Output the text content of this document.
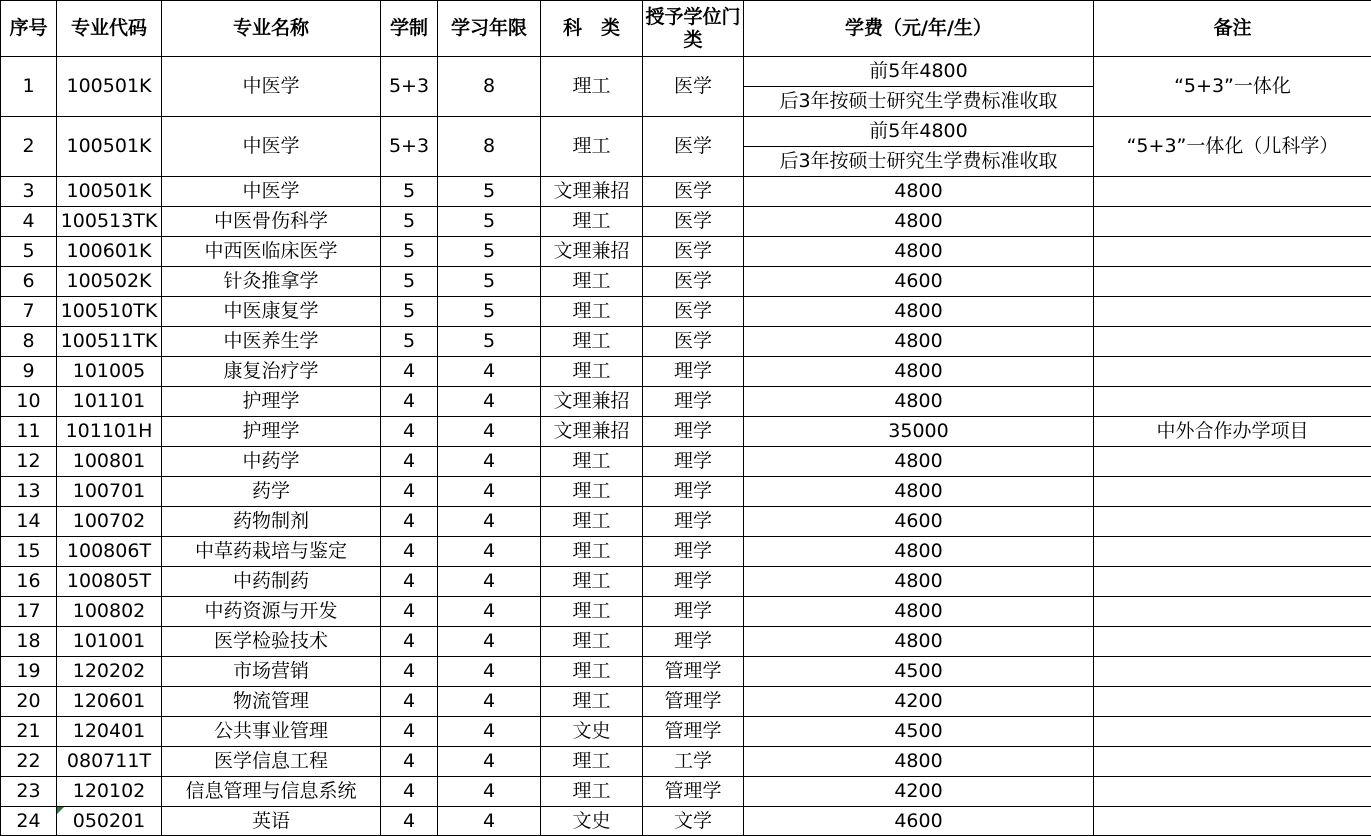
序号	专业代码	专业名称	学制	学习年限	科　类	授予学位门类	学费（元/年/生）	备注
1	100501K	中医学	5+3	8	理工	医学	前5年4800	“5+3”一体化
							后3年按硕士研究生学费标准收取	
2	100501K	中医学	5+3	8	理工	医学	前5年4800	“5+3”一体化（儿科学）
							后3年按硕士研究生学费标准收取	
3	100501K	中医学	5	5	文理兼招	医学	4800	
4	100513TK	中医骨伤科学	5	5	理工	医学	4800	
5	100601K	中西医临床医学	5	5	文理兼招	医学	4800	
6	100502K	针灸推拿学	5	5	理工	医学	4600	
7	100510TK	中医康复学	5	5	理工	医学	4800	
8	100511TK	中医养生学	5	5	理工	医学	4800	
9	101005	康复治疗学	4	4	理工	理学	4800	
10	101101	护理学	4	4	文理兼招	理学	4800	
11	101101H	护理学	4	4	文理兼招	理学	35000	中外合作办学项目
12	100801	中药学	4	4	理工	理学	4800	
13	100701	药学	4	4	理工	理学	4800	
14	100702	药物制剂	4	4	理工	理学	4600	
15	100806T	中草药栽培与鉴定	4	4	理工	理学	4800	
16	100805T	中药制药	4	4	理工	理学	4800	
17	100802	中药资源与开发	4	4	理工	理学	4800	
18	101001	医学检验技术	4	4	理工	理学	4800	
19	120202	市场营销	4	4	理工	管理学	4500	
20	120601	物流管理	4	4	理工	管理学	4200	
21	120401	公共事业管理	4	4	文史	管理学	4500	
22	080711T	医学信息工程	4	4	理工	工学	4800	
23	120102	信息管理与信息系统	4	4	理工	管理学	4200	
24	050201	英语	4	4	文史	文学	4600	
